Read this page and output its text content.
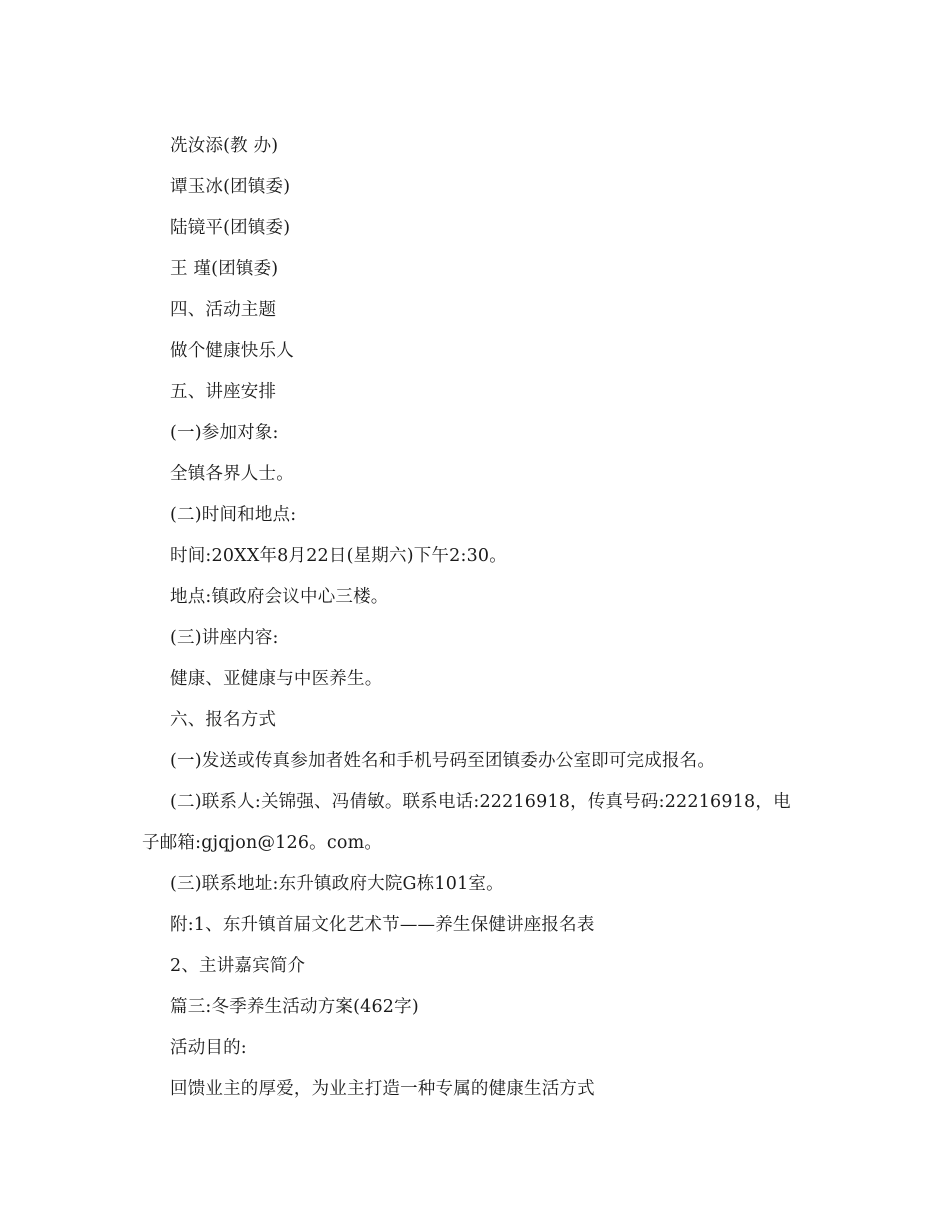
冼汝添(教 办)

谭玉冰(团镇委)

陆镜平(团镇委)

王 瑾(团镇委)

四、活动主题

做个健康快乐人

五、讲座安排

(一)参加对象:

全镇各界人士。

(二)时间和地点:

时间:20XX年8月22日(星期六)下午2:30。

地点:镇政府会议中心三楼。

(三)讲座内容:

健康、亚健康与中医养生。

六、报名方式

(一)发送或传真参加者姓名和手机号码至团镇委办公室即可完成报名。

(二)联系人:关锦强、冯倩敏。联系电话:22216918，传真号码:22216918，电子邮箱:gjqjon@126。com。

(三)联系地址:东升镇政府大院G栋101室。

附:1、东升镇首届文化艺术节——养生保健讲座报名表

2、主讲嘉宾简介

篇三:冬季养生活动方案(462字)

活动目的:

回馈业主的厚爱，为业主打造一种专属的健康生活方式
